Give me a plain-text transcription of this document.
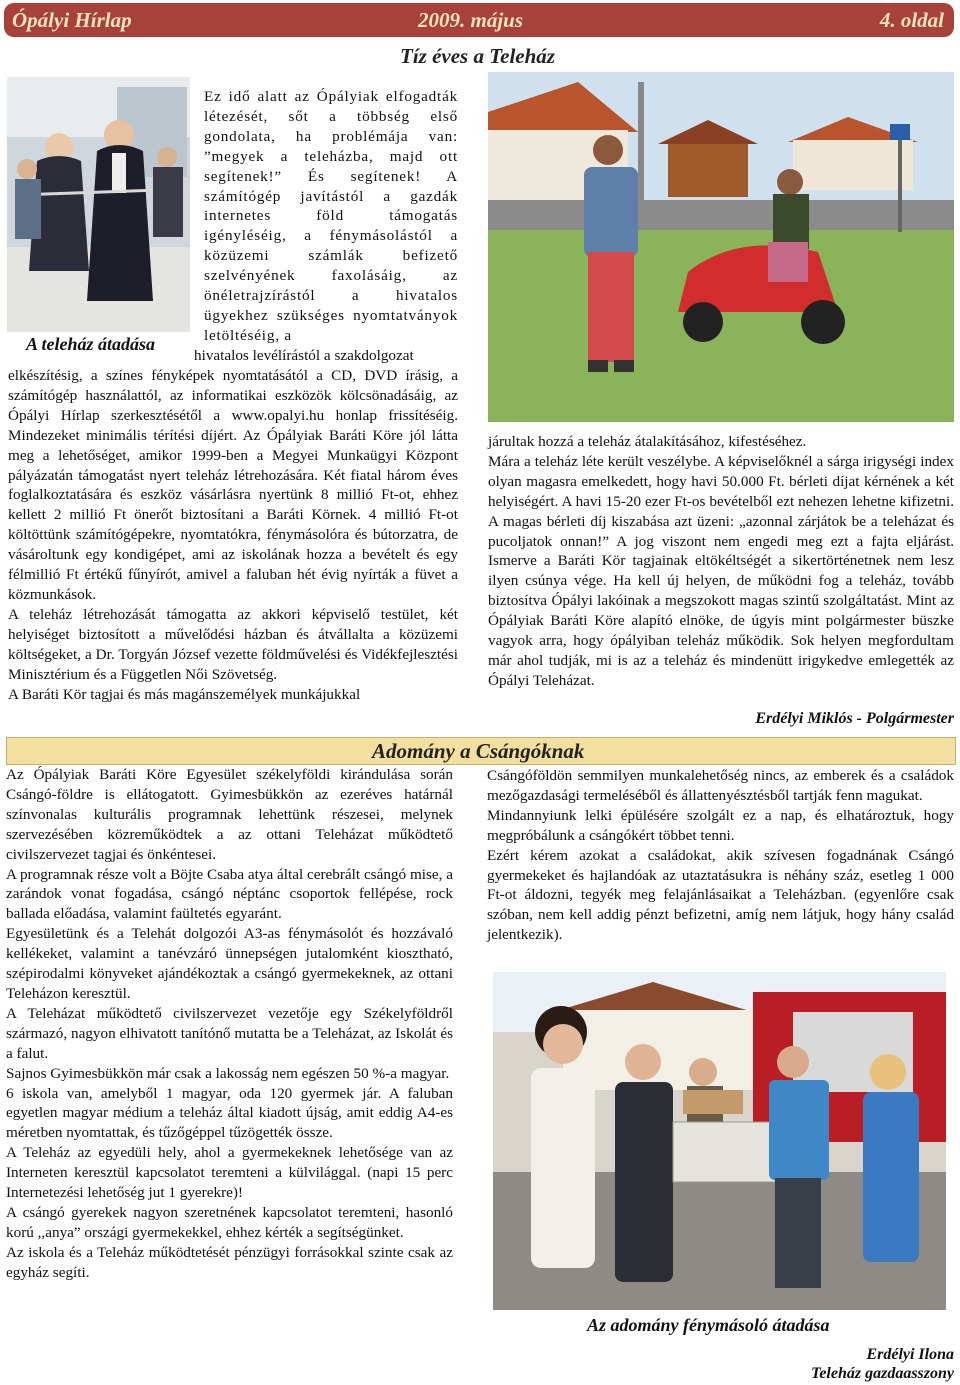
Ópályi Hírlap	2009. május	4. oldal
Tíz éves a Teleház
A teleház átadása
Ez idő alatt az Ópályiak elfogadták létezését, sőt a többség első gondolata, ha problémája van: ”megyek a teleházba, majd ott segítenek!” És segítenek! A számítógép javítástól a gazdák internetes föld támogatás igényléséig, a fénymásolástól a közüzemi számlák befizető szelvényének faxolásáig, az önéletrajzírástól a hivatalos ügyekhez szükséges nyomtatványok letöltéséig, a
hivatalos levélírástól a szakdolgozat

elkészítésig, a színes fényképek nyomtatásától a CD, DVD írásig, a számítógép használattól, az informatikai eszközök kölcsönadásáig, az Ópályi Hírlap szerkesztésétől a www.opalyi.hu honlap frissítéséig. Mindezeket minimális térítési díjért. Az Ópályiak Baráti Köre jól látta meg a lehetőséget, amikor 1999-ben a Megyei Munkaügyi Központ pályázatán támogatást nyert teleház létrehozására. Két fiatal három éves foglalkoztatására és eszköz vásárlásra nyertünk 8 millió Ft-ot, ehhez kellett 2 millió Ft önerőt biztosítani a Baráti Körnek. 4 millió Ft-ot költöttünk számítógépekre, nyomtatókra, fénymásolóra és bútorzatra, de vásároltunk egy kondigépet, ami az iskolának hozza a bevételt és egy félmillió Ft értékű fűnyírót, amivel a faluban hét évig nyírták a füvet a közmunkások.

A teleház létrehozását támogatta az akkori képviselő testület, két helyiséget biztosított a művelődési házban és átvállalta a közüzemi költségeket, a Dr. Torgyán József vezette földművelési és Vidékfejlesztési Minisztérium és a Független Női Szövetség.

A Baráti Kör tagjai és más magánszemélyek munkájukkal

járultak hozzá a teleház átalakításához, kifestéséhez.

Mára a teleház léte került veszélybe. A képviselőknél a sárga irigységi index olyan magasra emelkedett, hogy havi 50.000 Ft. bérleti díjat kérnének a két helyiségért. A havi 15-20 ezer Ft-os bevételből ezt nehezen lehetne kifizetni. A magas bérleti díj kiszabása azt üzeni: „azonnal zárjátok be a teleházat és pucoljatok onnan!” A jog viszont nem engedi meg ezt a fajta eljárást. Ismerve a Baráti Kör tagjainak eltökéltségét a sikertörténetnek nem lesz ilyen csúnya vége. Ha kell új helyen, de működni fog a teleház, tovább biztosítva Ópályi lakóinak a megszokott magas szintű szolgáltatást. Mint az Ópályiak Baráti Köre alapító elnöke, de úgyis mint polgármester büszke vagyok arra, hogy ópályiban teleház működik. Sok helyen megfordultam már ahol tudják, mi is az a teleház és mindenütt irigykedve emlegették az Ópályi Teleházat.

Erdélyi Miklós - Polgármester
Adomány a Csángóknak

Az Ópályiak Baráti Köre Egyesület székelyföldi kirándulása során Csángó-földre is ellátogatott. Gyimesbükkön az ezeréves határnál színvonalas kulturális programnak lehettünk részesei, melynek szervezésében közreműködtek a az ottani Teleházat működtető civilszervezet tagjai és önkéntesei.

A programnak része volt a Böjte Csaba atya által cerebrált csángó mise, a zarándok vonat fogadása, csángó néptánc csoportok fellépése, rock ballada előadása, valamint faültetés egyaránt.

Egyesületünk és a Telehát dolgozói A3-as fénymásolót és hozzávaló kellékeket, valamint a tanévzáró ünnepségen jutalomként kiosztható, szépirodalmi könyveket ajándékoztak a csángó gyermekeknek, az ottani Teleházon keresztül.

A Teleházat működtető civilszervezet vezetője egy Székelyföldről származó, nagyon elhivatott tanítónő mutatta be a Teleházat, az Iskolát és a falut.

Sajnos Gyimesbükkön már csak a lakosság nem egészen 50 %-a magyar.

6 iskola van, amelyből 1 magyar, oda 120 gyermek jár. A faluban egyetlen magyar médium a teleház által kiadott újság, amit eddig A4-es méretben nyomtattak, és tűzőgéppel tűzögették össze.

A Teleház az egyedüli hely, ahol a gyermekeknek lehetősége van az Interneten keresztül kapcsolatot teremteni a külvilággal. (napi 15 perc Internetezési lehetőség jut 1 gyerekre)!

A csángó gyerekek nagyon szeretnének kapcsolatot teremteni, hasonló korú ,,anya” országi gyermekekkel, ehhez kérték a segítségünket.

Az iskola és a Teleház működtetését pénzügyi forrásokkal szinte csak az egyház segíti.

Csángóföldön semmilyen munkalehetőség nincs, az emberek és a családok mezőgazdasági termeléséből és állattenyésztésből tartják fenn magukat.

Mindannyiunk lelki épülésére szolgált ez a nap, és elhatároztuk, hogy megpróbálunk a csángókért többet tenni.

Ezért kérem azokat a családokat, akik szívesen fogadnának Csángó gyermekeket és hajlandóak az utaztatásukra is néhány száz, esetleg 1 000 Ft-ot áldozni, tegyék meg felajánlásaikat a Teleházban. (egyenlőre csak szóban, nem kell addig pénzt befizetni, amíg nem látjuk, hogy hány család jelentkezik).

Az adomány fénymásoló átadása
Erdélyi Ilona
Teleház gazdaasszony
